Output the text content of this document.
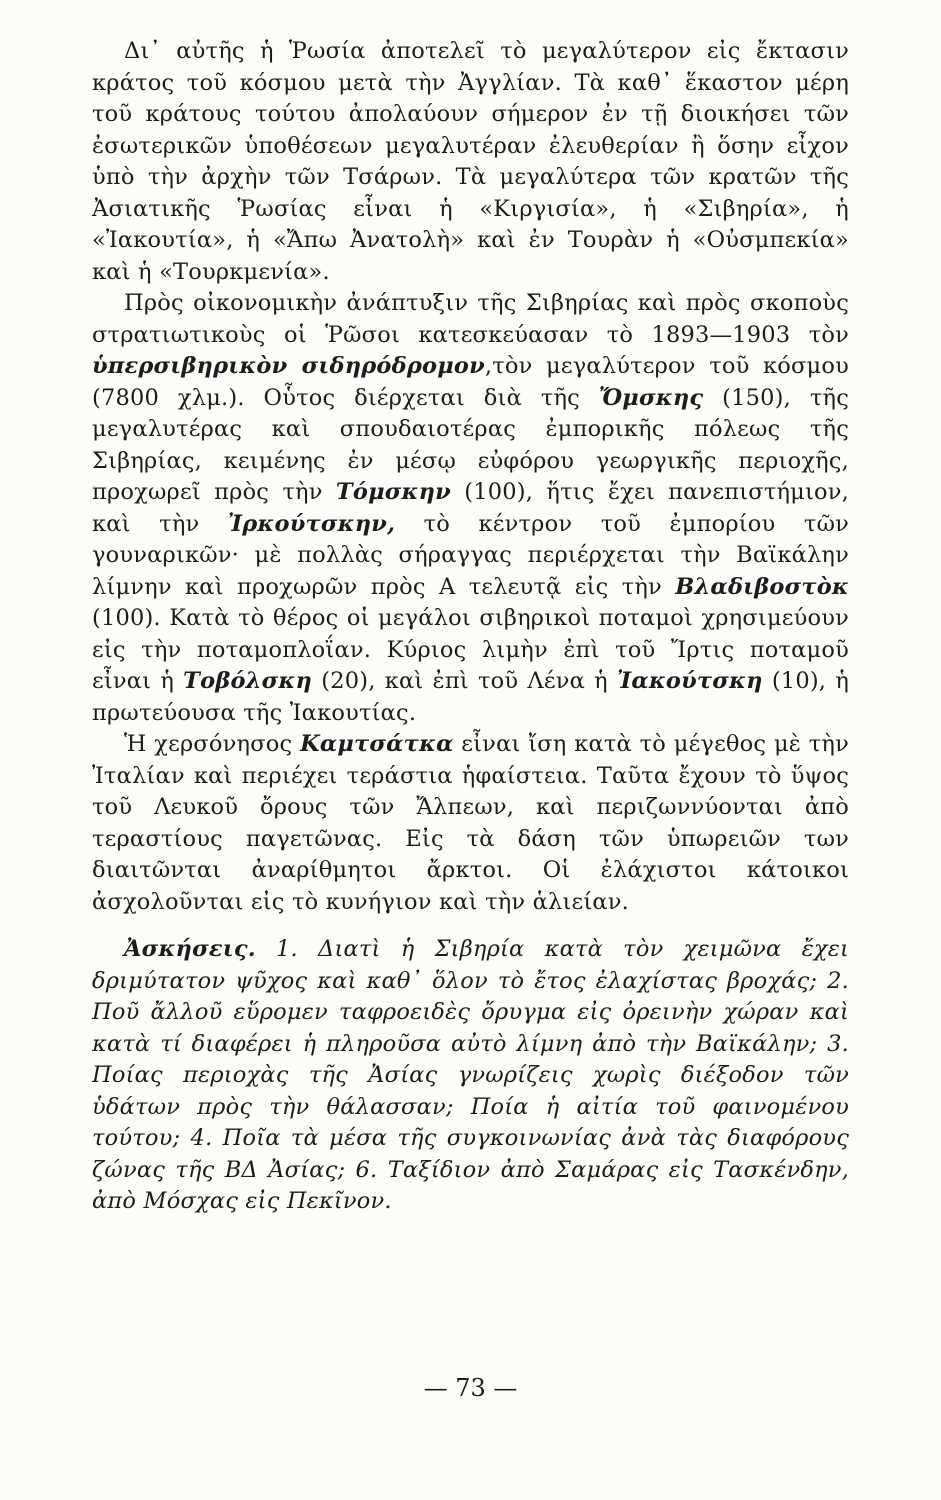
Δι᾽ αὐτῆς ἡ Ῥωσία ἀποτελεῖ τὸ μεγαλύτερον εἰς ἔκτασιν κράτος τοῦ κόσμου μετὰ τὴν Ἀγγλίαν. Τὰ καθ᾽ ἕκαστον μέρη τοῦ κράτους τούτου ἀπολαύουν σήμερον ἐν τῇ διοικήσει τῶν ἐσωτερικῶν ὑποθέσεων μεγαλυτέραν ἐλευθερίαν ἢ ὅσην εἶχον ὑπὸ τὴν ἀρχὴν τῶν Τσάρων. Τὰ μεγαλύτερα τῶν κρατῶν τῆς Ἀσιατικῆς Ῥωσίας εἶναι ἡ «Κιργισία», ἡ «Σιβηρία», ἡ «Ἰακουτία», ἡ «Ἄπω Ἀνατολὴ» καὶ ἐν Τουρὰν ἡ «Οὐσμπεκία» καὶ ἡ «Τουρκμενία».

Πρὸς οἰκονομικὴν ἀνάπτυξιν τῆς Σιβηρίας καὶ πρὸς σκοποὺς στρατιωτικοὺς οἱ Ῥῶσοι κατεσκεύασαν τὸ 1893—1903 τὸν ὑπερσιβηρικὸν σιδηρόδρομον,τὸν μεγαλύτερον τοῦ κόσμου (7800 χλμ.). Οὗτος διέρχεται διὰ τῆς Ὄμσκης (150), τῆς μεγαλυτέρας καὶ σπουδαιοτέρας ἐμπορικῆς πόλεως τῆς Σιβηρίας, κειμένης ἐν μέσῳ εὐφόρου γεωργικῆς περιοχῆς, προχωρεῖ πρὸς τὴν Τόμσκην (100), ἥτις ἔχει πανεπιστήμιον, καὶ τὴν Ἰρκούτσκην, τὸ κέντρον τοῦ ἐμπορίου τῶν γουναρικῶν· μὲ πολλὰς σήραγγας περιέρχεται τὴν Βαϊκάλην λίμνην καὶ προχωρῶν πρὸς Α τελευτᾷ εἰς τὴν Βλαδιβοστὸκ (100). Κατὰ τὸ θέρος οἱ μεγάλοι σιβηρικοὶ ποταμοὶ χρησιμεύουν εἰς τὴν ποταμοπλοΐαν. Κύριος λιμὴν ἐπὶ τοῦ Ἴρτις ποταμοῦ εἶναι ἡ Τοβόλσκη (20), καὶ ἐπὶ τοῦ Λένα ἡ Ἰακούτσκη (10), ἡ πρωτεύουσα τῆς Ἰακουτίας.

Ἡ χερσόνησος Καμτσάτκα εἶναι ἴση κατὰ τὸ μέγεθος μὲ τὴν Ἰταλίαν καὶ περιέχει τεράστια ἡφαίστεια. Ταῦτα ἔχουν τὸ ὕψος τοῦ Λευκοῦ ὄρους τῶν Ἄλπεων, καὶ περιζωννύονται ἀπὸ τεραστίους παγετῶνας. Εἰς τὰ δάση τῶν ὑπωρειῶν των διαιτῶνται ἀναρίθμητοι ἄρκτοι. Οἱ ἐλάχιστοι κάτοικοι ἀσχολοῦνται εἰς τὸ κυνήγιον καὶ τὴν ἁλιείαν.

Ἀσκήσεις. 1. Διατὶ ἡ Σιβηρία κατὰ τὸν χειμῶνα ἔχει δριμύτατον ψῦχος καὶ καθ᾽ ὅλον τὸ ἔτος ἐλαχίστας βροχάς; 2. Ποῦ ἄλλοῦ εὕρομεν ταφροειδὲς ὄρυγμα εἰς ὀρεινὴν χώραν καὶ κατὰ τί διαφέρει ἡ πληροῦσα αὐτὸ λίμνη ἀπὸ τὴν Βαϊκάλην; 3. Ποίας περιοχὰς τῆς Ἀσίας γνωρίζεις χωρὶς διέξοδον τῶν ὑδάτων πρὸς τὴν θάλασσαν; Ποία ἡ αἰτία τοῦ φαινομένου τούτου; 4. Ποῖα τὰ μέσα τῆς συγκοινωνίας ἀνὰ τὰς διαφόρους ζώνας τῆς ΒΔ Ἀσίας; 6. Ταξίδιον ἀπὸ Σαμάρας εἰς Τασκένδην, ἀπὸ Μόσχας εἰς Πεκῖνον.

— 73 —
